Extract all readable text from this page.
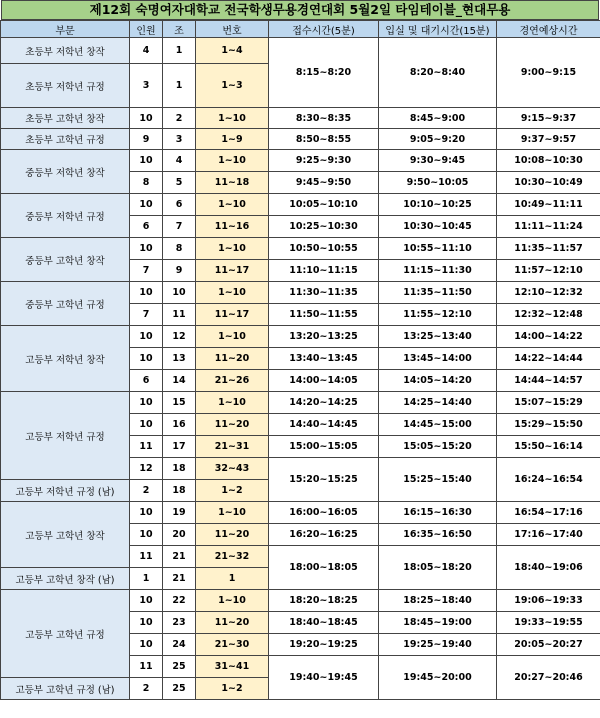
제12회 숙명여자대학교 전국학생무용경연대회 5월2일 타임테이블_현대무용
부문	인원	조	번호	접수시간(5분)	입실 및 대기시간(15분)	경연예상시간
초등부 저학년 창작	4	1	1~4	8:15~8:20	8:20~8:40	9:00~9:15
초등부 저학년 규정	3	1	1~3			
초등부 고학년 창작	10	2	1~10	8:30~8:35	8:45~9:00	9:15~9:37
초등부 고학년 규정	9	3	1~9	8:50~8:55	9:05~9:20	9:37~9:57
중등부 저학년 창작	10	4	1~10	9:25~9:30	9:30~9:45	10:08~10:30
	8	5	11~18	9:45~9:50	9:50~10:05	10:30~10:49
중등부 저학년 규정	10	6	1~10	10:05~10:10	10:10~10:25	10:49~11:11
	6	7	11~16	10:25~10:30	10:30~10:45	11:11~11:24
중등부 고학년 창작	10	8	1~10	10:50~10:55	10:55~11:10	11:35~11:57
	7	9	11~17	11:10~11:15	11:15~11:30	11:57~12:10
중등부 고학년 규정	10	10	1~10	11:30~11:35	11:35~11:50	12:10~12:32
	7	11	11~17	11:50~11:55	11:55~12:10	12:32~12:48
고등부 저학년 창작	10	12	1~10	13:20~13:25	13:25~13:40	14:00~14:22
	10	13	11~20	13:40~13:45	13:45~14:00	14:22~14:44
	6	14	21~26	14:00~14:05	14:05~14:20	14:44~14:57
고등부 저학년 규정	10	15	1~10	14:20~14:25	14:25~14:40	15:07~15:29
	10	16	11~20	14:40~14:45	14:45~15:00	15:29~15:50
	11	17	21~31	15:00~15:05	15:05~15:20	15:50~16:14
	12	18	32~43	15:20~15:25	15:25~15:40	16:24~16:54
고등부 저학년 규정 (남)	2	18	1~2			
고등부 고학년 창작	10	19	1~10	16:00~16:05	16:15~16:30	16:54~17:16
	10	20	11~20	16:20~16:25	16:35~16:50	17:16~17:40
	11	21	21~32	18:00~18:05	18:05~18:20	18:40~19:06
고등부 고학년 창작 (남)	1	21	1			
고등부 고학년 규정	10	22	1~10	18:20~18:25	18:25~18:40	19:06~19:33
	10	23	11~20	18:40~18:45	18:45~19:00	19:33~19:55
	10	24	21~30	19:20~19:25	19:25~19:40	20:05~20:27
	11	25	31~41	19:40~19:45	19:45~20:00	20:27~20:46
고등부 고학년 규정 (남)	2	25	1~2			
